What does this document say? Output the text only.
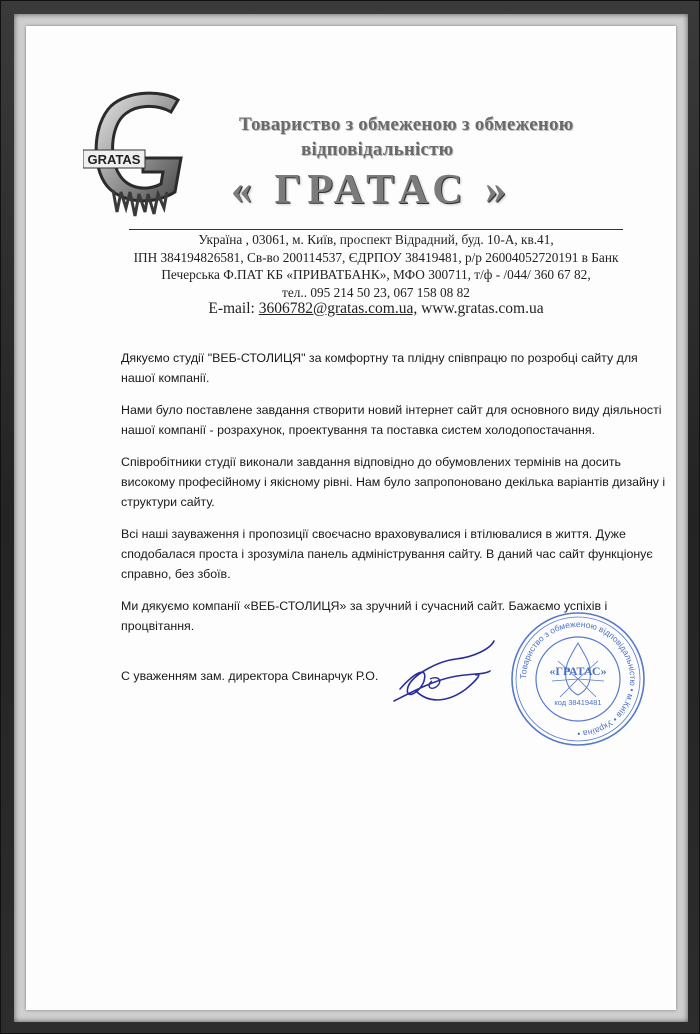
GRATAS

Товариство з обмеженою з обмеженою

відповідальністю

« ГРАТАС »

Україна , 03061, м. Київ, проспект Відрадний, буд. 10-А, кв.41,
ІПН 384194826581, Св-во 200114537, ЄДРПОУ 38419481, р/р 26004052720191 в Банк
Печерська Ф.ПАТ КБ «ПРИВАТБАНК», МФО 300711, т/ф - /044/ 360 67 82,
тел.. 095 214 50 23, 067 158 08 82
E-mail: 3606782@gratas.com.ua, www.gratas.com.ua

Дякуємо студії "ВЕБ-СТОЛИЦЯ" за комфортну та плідну співпрацю по розробці сайту для нашої компанії.

Нами було поставлене завдання створити новий інтернет сайт для основного виду діяльності нашої компанії - розрахунок, проектування та поставка систем холодопостачання.

Співробітники студії виконали завдання відповідно до обумовлених термінів на досить високому професійному і якісному рівні. Нам було запропоновано декілька варіантів дизайну і структури сайту.

Всі наші зауваження і пропозиції своєчасно враховувалися і втілювалися в життя. Дуже сподобалася проста і зрозуміла панель адміністрування сайту. В даний час сайт функціонує справно, без збоїв.

Ми дякуємо компанії «ВЕБ-СТОЛИЦЯ» за зручний і сучасний сайт. Бажаємо успіхів і процвітання.

С уваженням зам. директора Свинарчук Р.О.	Товариство з обмеженою відповідальністю • м.Київ • Україна •
«ГРАТАС»
код 38419481
